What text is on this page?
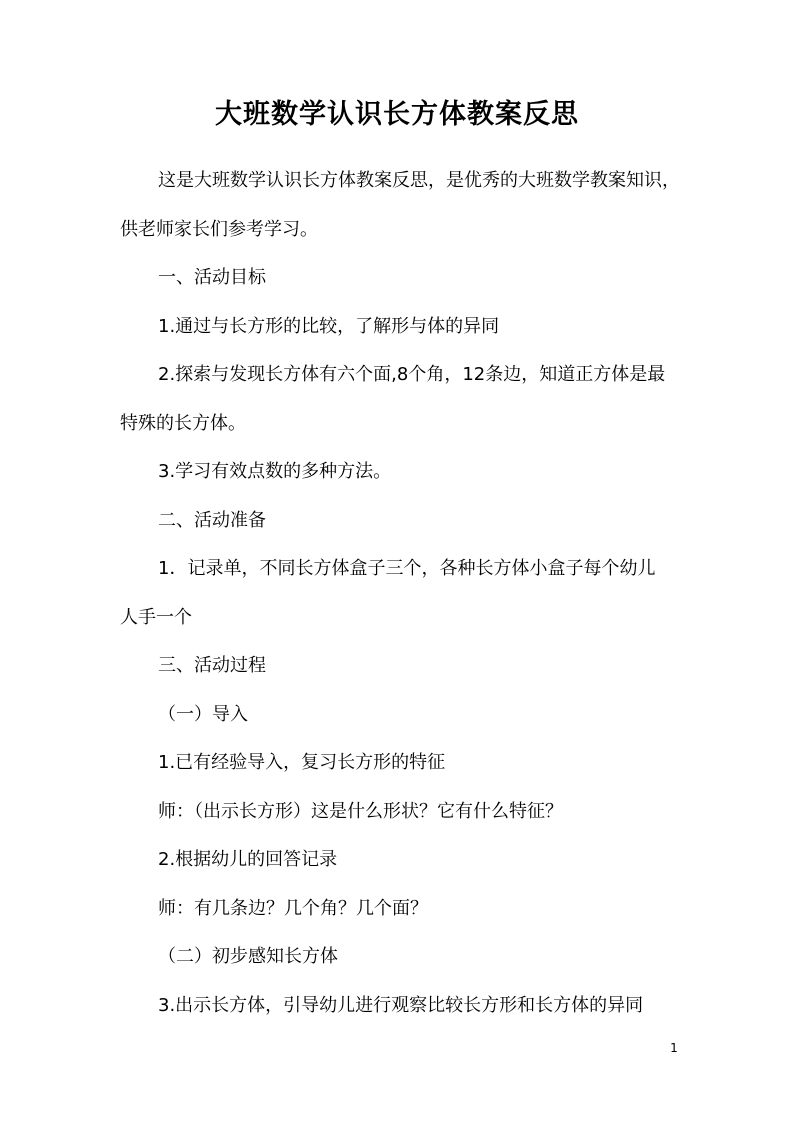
大班数学认识长方体教案反思
这是大班数学认识长方体教案反思，是优秀的大班数学教案知识，
供老师家长们参考学习。
一、活动目标
1.通过与长方形的比较，了解形与体的异同
2.探索与发现长方体有六个面,8个角，12条边，知道正方体是最
特殊的长方体。
3.学习有效点数的多种方法。
二、活动准备
1．记录单，不同长方体盒子三个，各种长方体小盒子每个幼儿
人手一个
三、活动过程
（一）导入
1.已有经验导入，复习长方形的特征
师：（出示长方形）这是什么形状？它有什么特征？
2.根据幼儿的回答记录
师：有几条边？几个角？几个面？
（二）初步感知长方体
3.出示长方体，引导幼儿进行观察比较长方形和长方体的异同
1
